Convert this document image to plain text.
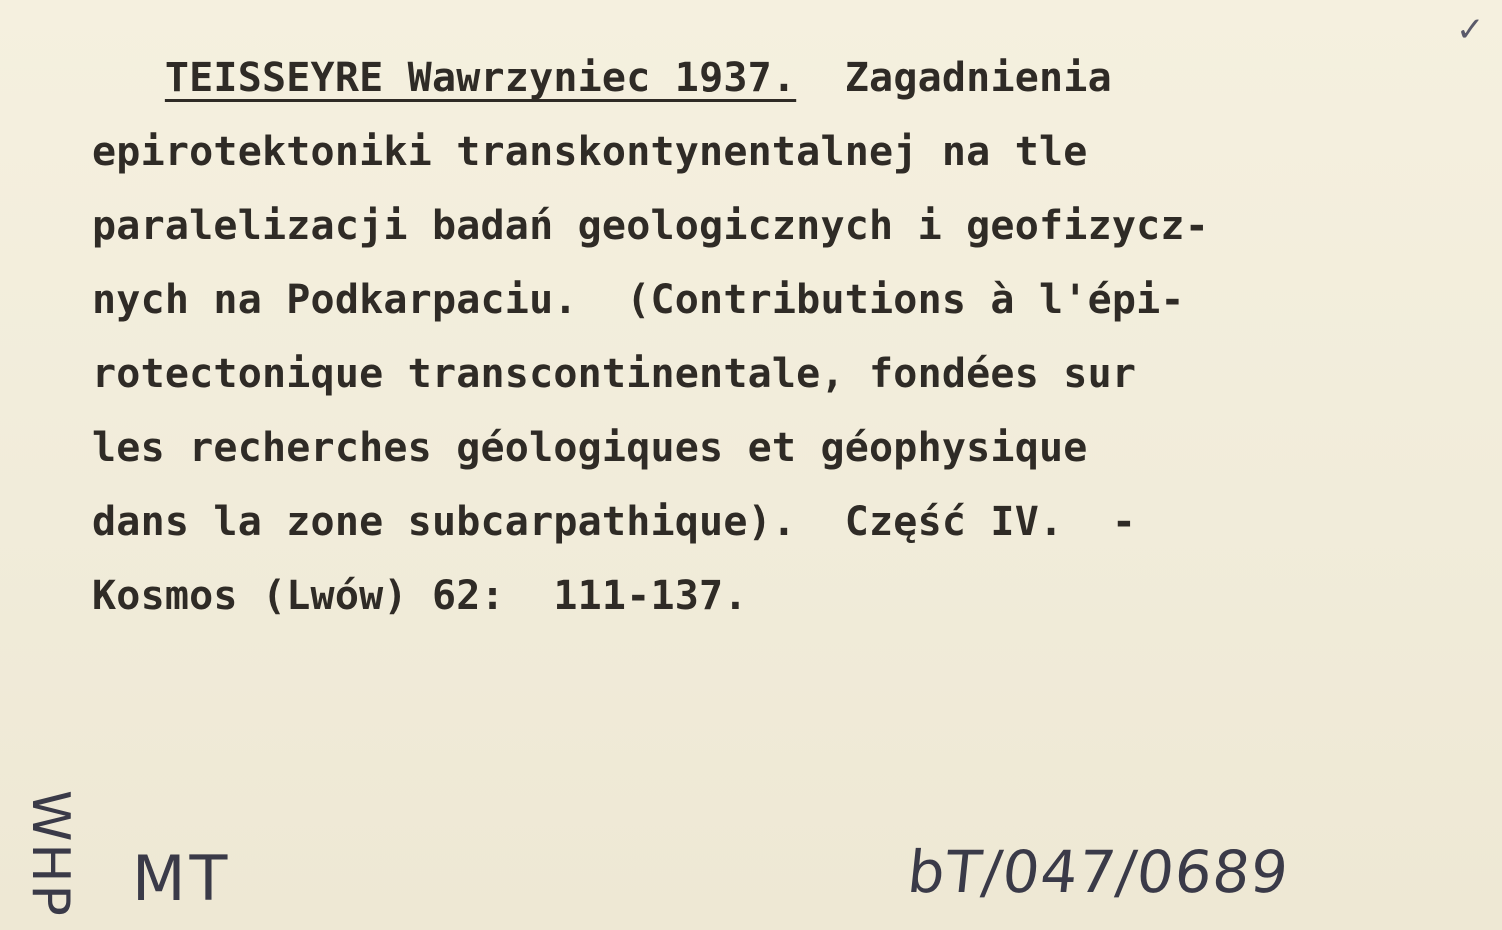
✓
TEISSEYRE Wawrzyniec 1937.  Zagadnienia
epirotektoniki transkontynentalnej na tle
paralelizacji badań geologicznych i geofizycz-
nych na Podkarpaciu.  (Contributions à l'épi-
rotectonique transcontinentale, fondées sur
les recherches géologiques et géophysique
dans la zone subcarpathique).  Część IV.  -
Kosmos (Lwów) 62:  111-137.
WHP MT	bT/047/0689
